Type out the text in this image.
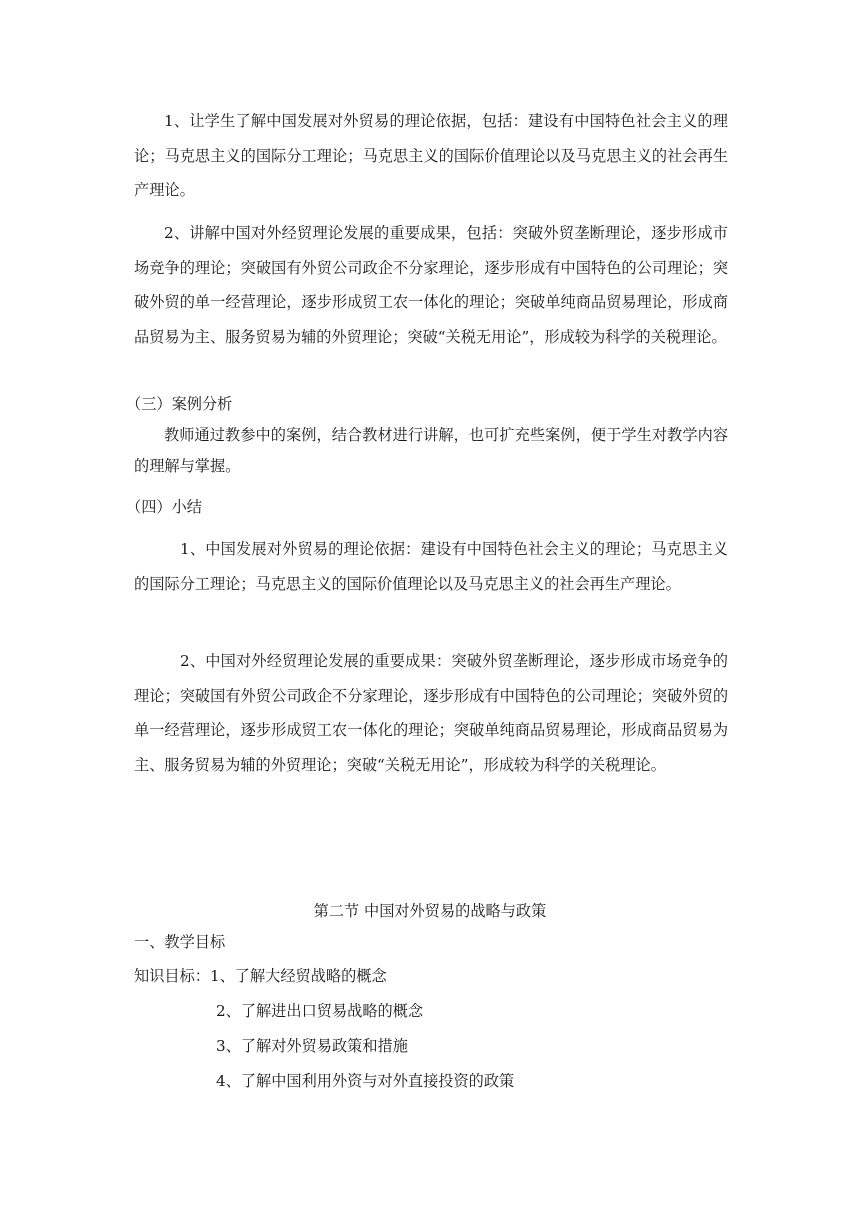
1、让学生了解中国发展对外贸易的理论依据，包括：建设有中国特色社会主义的理论；马克思主义的国际分工理论；马克思主义的国际价值理论以及马克思主义的社会再生产理论。

2、讲解中国对外经贸理论发展的重要成果，包括：突破外贸垄断理论，逐步形成市场竞争的理论；突破国有外贸公司政企不分家理论，逐步形成有中国特色的公司理论；突破外贸的单一经营理论，逐步形成贸工农一体化的理论；突破单纯商品贸易理论，形成商品贸易为主、服务贸易为辅的外贸理论；突破“关税无用论”，形成较为科学的关税理论。

（三）案例分析

教师通过教参中的案例，结合教材进行讲解，也可扩充些案例，便于学生对教学内容的理解与掌握。

（四）小结

1、中国发展对外贸易的理论依据：建设有中国特色社会主义的理论；马克思主义的国际分工理论；马克思主义的国际价值理论以及马克思主义的社会再生产理论。

2、中国对外经贸理论发展的重要成果：突破外贸垄断理论，逐步形成市场竞争的理论；突破国有外贸公司政企不分家理论，逐步形成有中国特色的公司理论；突破外贸的单一经营理论，逐步形成贸工农一体化的理论；突破单纯商品贸易理论，形成商品贸易为主、服务贸易为辅的外贸理论；突破“关税无用论”，形成较为科学的关税理论。

第二节 中国对外贸易的战略与政策

一、教学目标

知识目标：1、了解大经贸战略的概念

2、了解进出口贸易战略的概念

3、了解对外贸易政策和措施

4、了解中国利用外资与对外直接投资的政策
